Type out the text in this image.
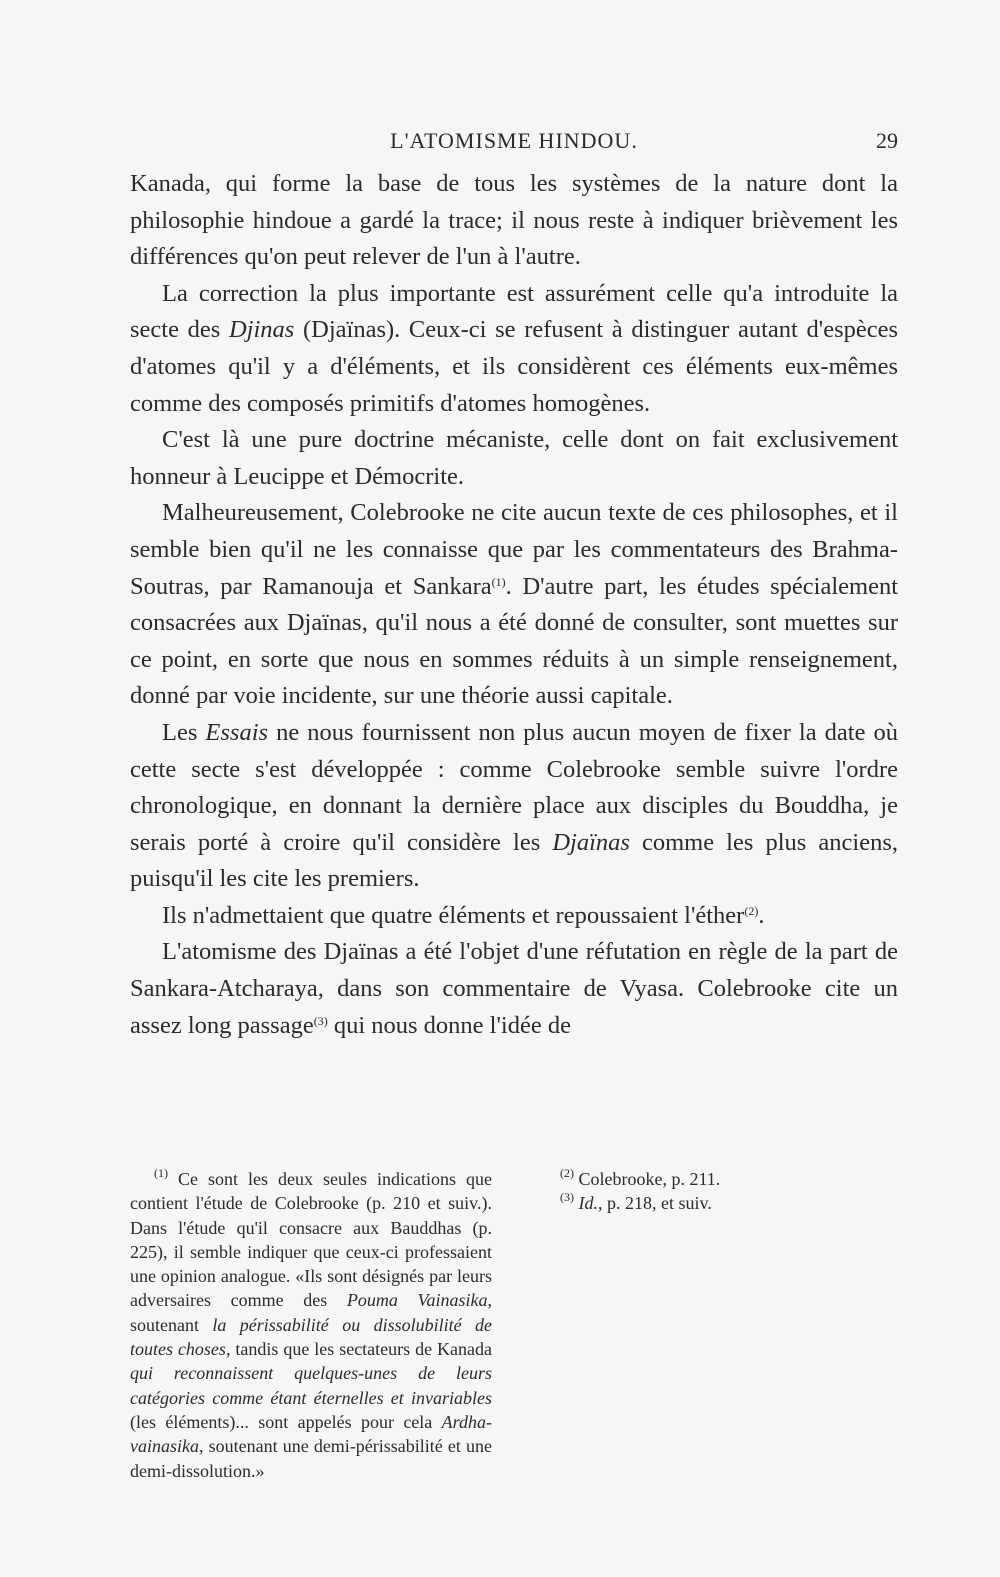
L'ATOMISME HINDOU.	29

Kanada, qui forme la base de tous les systèmes de la nature dont la philosophie hindoue a gardé la trace; il nous reste à indiquer brièvement les différences qu'on peut relever de l'un à l'autre.

La correction la plus importante est assurément celle qu'a introduite la secte des Djinas (Djaïnas). Ceux-ci se refusent à distinguer autant d'espèces d'atomes qu'il y a d'éléments, et ils considèrent ces éléments eux-mêmes comme des composés primitifs d'atomes homogènes.

C'est là une pure doctrine mécaniste, celle dont on fait exclusivement honneur à Leucippe et Démocrite.

Malheureusement, Colebrooke ne cite aucun texte de ces philosophes, et il semble bien qu'il ne les connaisse que par les commentateurs des Brahma-Soutras, par Ramanouja et Sankara$^{(1)}$. D'autre part, les études spécialement consacrées aux Djaïnas, qu'il nous a été donné de consulter, sont muettes sur ce point, en sorte que nous en sommes réduits à un simple renseignement, donné par voie incidente, sur une théorie aussi capitale.

Les Essais ne nous fournissent non plus aucun moyen de fixer la date où cette secte s'est développée : comme Colebrooke semble suivre l'ordre chronologique, en donnant la dernière place aux disciples du Bouddha, je serais porté à croire qu'il considère les Djaïnas comme les plus anciens, puisqu'il les cite les premiers.

Ils n'admettaient que quatre éléments et repoussaient l'éther$^{(2)}$.

L'atomisme des Djaïnas a été l'objet d'une réfutation en règle de la part de Sankara-Atcharaya, dans son commentaire de Vyasa. Colebrooke cite un assez long passage$^{(3)}$ qui nous donne l'idée de

$^{(1)}$ Ce sont les deux seules indications que contient l'étude de Colebrooke (p. 210 et suiv.). Dans l'étude qu'il consacre aux Bauddhas (p. 225), il semble indiquer que ceux-ci professaient une opinion analogue. «Ils sont désignés par leurs adversaires comme des Pouma Vainasika, soutenant la périssabilité ou dissolubilité de toutes choses, tandis que les sectateurs de Kanada qui reconnaissent quelques-unes de leurs catégories comme étant éternelles et invariables (les éléments)... sont appelés pour cela Ardha-vainasika, soutenant une demi-périssabilité et une demi-dissolution.»

$^{(2)}$ Colebrooke, p. 211.

$^{(3)}$ Id., p. 218, et suiv.
